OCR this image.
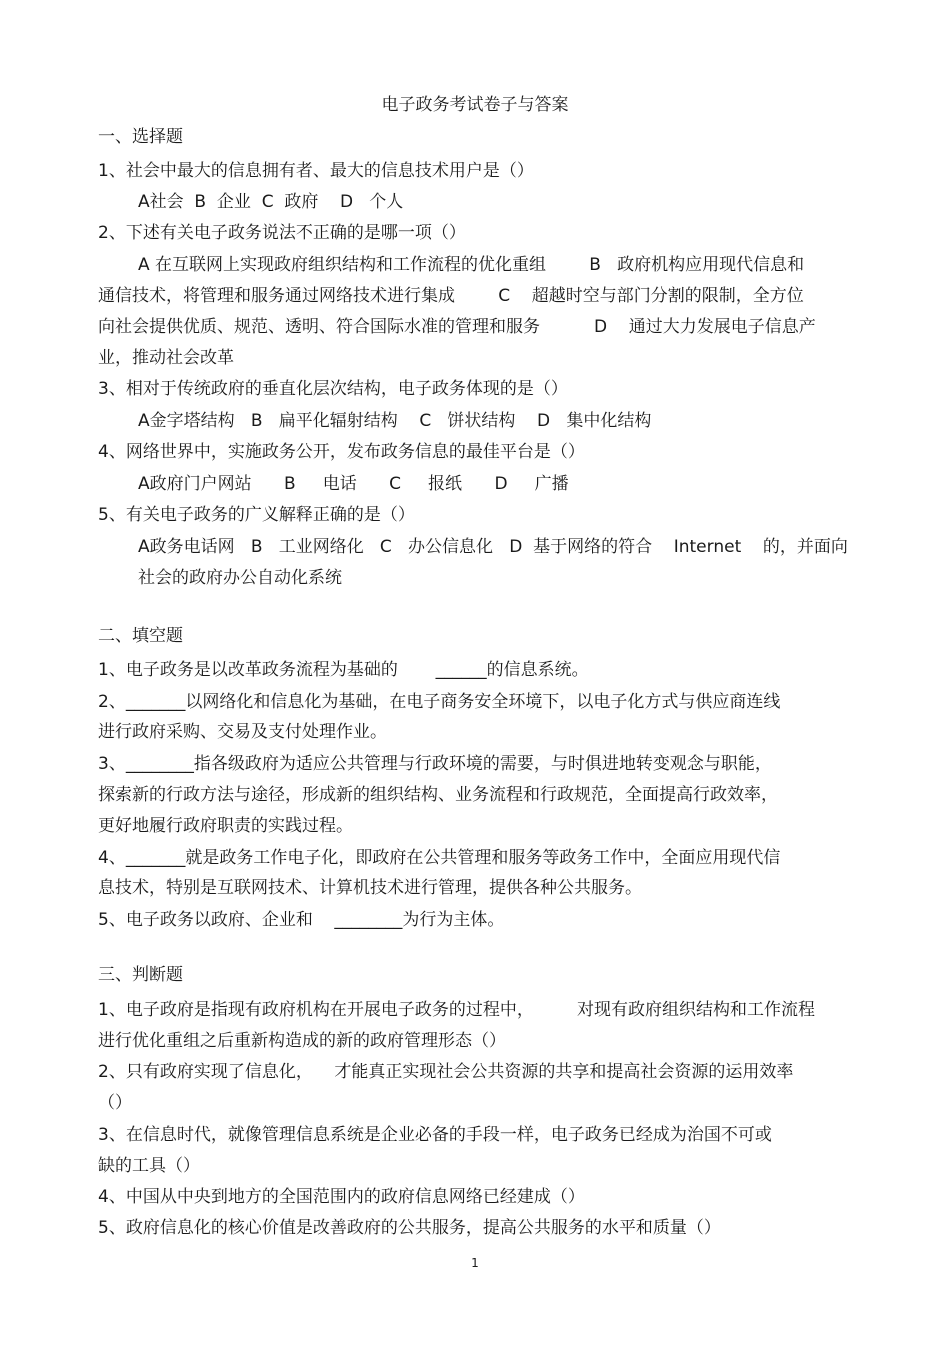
电子政务考试卷子与答案
一、选择题
1、社会中最大的信息拥有者、最大的信息技术用户是（）
A社会  B  企业  C  政府    D   个人
2、下述有关电子政务说法不正确的是哪一项（）
A 在互联网上实现政府组织结构和工作流程的优化重组        B   政府机构应用现代信息和
通信技术，将管理和服务通过网络技术进行集成        C    超越时空与部门分割的限制，全方位
向社会提供优质、规范、透明、符合国际水准的管理和服务          D    通过大力发展电子信息产
业，推动社会改革
3、相对于传统政府的垂直化层次结构，电子政务体现的是（）
A金字塔结构   B   扁平化辐射结构    C   饼状结构    D   集中化结构
4、网络世界中，实施政务公开，发布政务信息的最佳平台是（）
A政府门户网站      B     电话      C     报纸      D     广播
5、有关电子政务的广义解释正确的是（）
A政务电话网   B   工业网络化   C   办公信息化   D  基于网络的符合    Internet    的，并面向
社会的政府办公自动化系统
二、填空题
1、电子政务是以改革政务流程为基础的       ______的信息系统。
2、_______以网络化和信息化为基础，在电子商务安全环境下，以电子化方式与供应商连线
进行政府采购、交易及支付处理作业。
3、________指各级政府为适应公共管理与行政环境的需要，与时俱进地转变观念与职能，
探索新的行政方法与途径，形成新的组织结构、业务流程和行政规范，全面提高行政效率，
更好地履行政府职责的实践过程。
4、_______就是政务工作电子化，即政府在公共管理和服务等政务工作中，全面应用现代信
息技术，特别是互联网技术、计算机技术进行管理，提供各种公共服务。
5、电子政务以政府、企业和    ________为行为主体。
三、判断题
1、电子政府是指现有政府机构在开展电子政务的过程中，        对现有政府组织结构和工作流程
进行优化重组之后重新构造成的新的政府管理形态（）
2、只有政府实现了信息化，    才能真正实现社会公共资源的共享和提高社会资源的运用效率
（）
3、在信息时代，就像管理信息系统是企业必备的手段一样，电子政务已经成为治国不可或
缺的工具（）
4、中国从中央到地方的全国范围内的政府信息网络已经建成（）
5、政府信息化的核心价值是改善政府的公共服务，提高公共服务的水平和质量（）
1
